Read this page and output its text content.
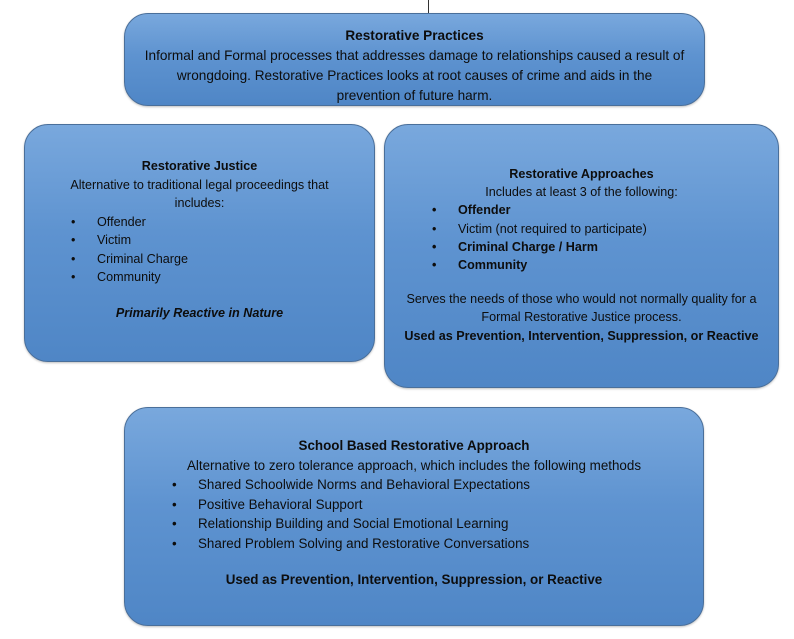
Restorative Practices
Informal and Formal processes that addresses damage to relationships caused a result of
wrongdoing. Restorative Practices looks at root causes of crime and aids in the
prevention of future harm.
Restorative Justice
Alternative to traditional legal proceedings that
includes:
• Offender
• Victim
• Criminal Charge
• Community
Primarily Reactive in Nature
Restorative Approaches
Includes at least 3 of the following:
• Offender
• Victim (not required to participate)
• Criminal Charge / Harm
• Community
Serves the needs of those who would not normally quality for a
Formal Restorative Justice process.
Used as Prevention, Intervention, Suppression, or Reactive
School Based Restorative Approach
Alternative to zero tolerance approach, which includes the following methods
• Shared Schoolwide Norms and Behavioral Expectations
• Positive Behavioral Support
• Relationship Building and Social Emotional Learning
• Shared Problem Solving and Restorative Conversations
Used as Prevention, Intervention, Suppression, or Reactive
